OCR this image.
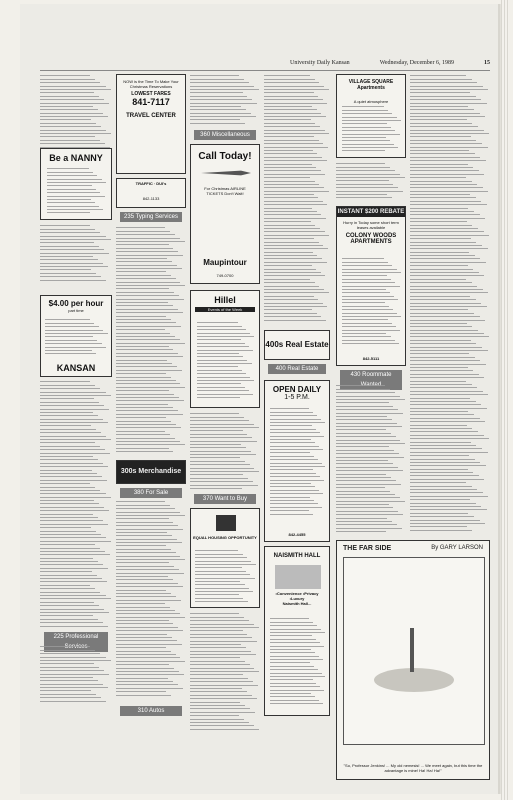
University Daily Kansan	Wednesday, December 6, 1989	15
Be a NANNY
$4.00 per hour
part time
KANSAN
225 Professional
NOW is the Time To Make Your Christmas Reservations
LOWEST FARES
841-7117
TRAVEL CENTER
TRAFFIC · DUI's
842-1133
235 Typing Services
300s Merchandise
380 For Sale
310 Autos
360 Miscellaneous
Call Today!
For Christmas AIRLINE TICKETS Don't Wait!
Maupintour
749-0700
Hillel
Events of the Week
370 Want to Buy
EQUAL HOUSING OPPORTUNITY
400s Real Estate
400 Real Estate
OPEN DAILY
1-5 P.M.
842-4455
NAISMITH HALL
•Convenience •Privacy •Luxury
Naismith Hall...
VILLAGE SQUARE Apartments
A quiet atmosphere
INSTANT $200 REBATE
Hurry in Today some short term leases available
COLONY WOODS APARTMENTS
842-5111
430 Roommate
THE FAR SIDE	By GARY LARSON
"So, Professor Jenkins! ... My old nemesis! ... We meet again, but this time the advantage is mine! Ha! Ha! Ha!"
